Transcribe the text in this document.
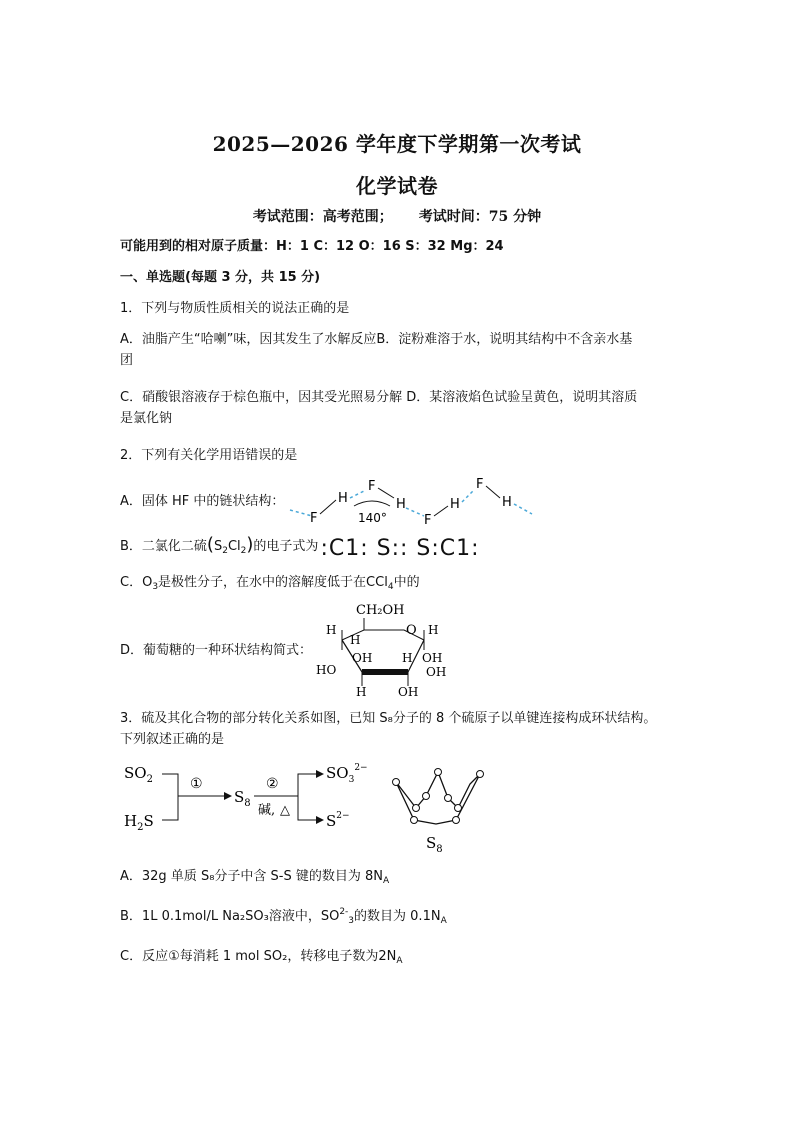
2025—2026 学年度下学期第一次考试
化学试卷
考试范围：高考范围； 考试时间：75 分钟

可能用到的相对原子质量：H：1 C：12 O：16 S：32 Mg：24

一、单选题(每题 3 分，共 15 分)

1．下列与物质性质相关的说法正确的是

A．油脂产生“哈喇”味，因其发生了水解反应B．淀粉难溶于水，说明其结构中不含亲水基
团

C．硝酸银溶液存于棕色瓶中，因其受光照易分解 D．某溶液焰色试验呈黄色，说明其溶质
是氯化钠

2．下列有关化学用语错误的是

A．固体 HF 中的链状结构：
F
H
F
140°
H
F
H
F
H
B．二氯化二硫$(S_2Cl_2)$的电子式为 :C1: S:: S:C1:

C．$O_3$是极性分子，在水中的溶解度低于在CCl$_4$中的

D．葡萄糖的一种环状结构简式：
CH₂OH
O
H
H
H
OH H
HO
OH
H	OH
OH

3．硫及其化合物的部分转化关系如图，已知 S₈分子的 8 个硫原子以单键连接构成环状结构。
下列叙述正确的是

$SO_2$
$H_2S$
①
$S_8$
②
碱, △
$SO_3^{2-}$
$S^{2-}$
$S_8$

A．32g 单质 S₈分子中含 S-S 键的数目为 $8N_A$

B．1L 0.1mol/L Na₂SO₃溶液中，$SO^{2-}_3$的数目为 $0.1N_A$

C．反应①每消耗 1 mol SO₂，转移电子数为$2N_A$
